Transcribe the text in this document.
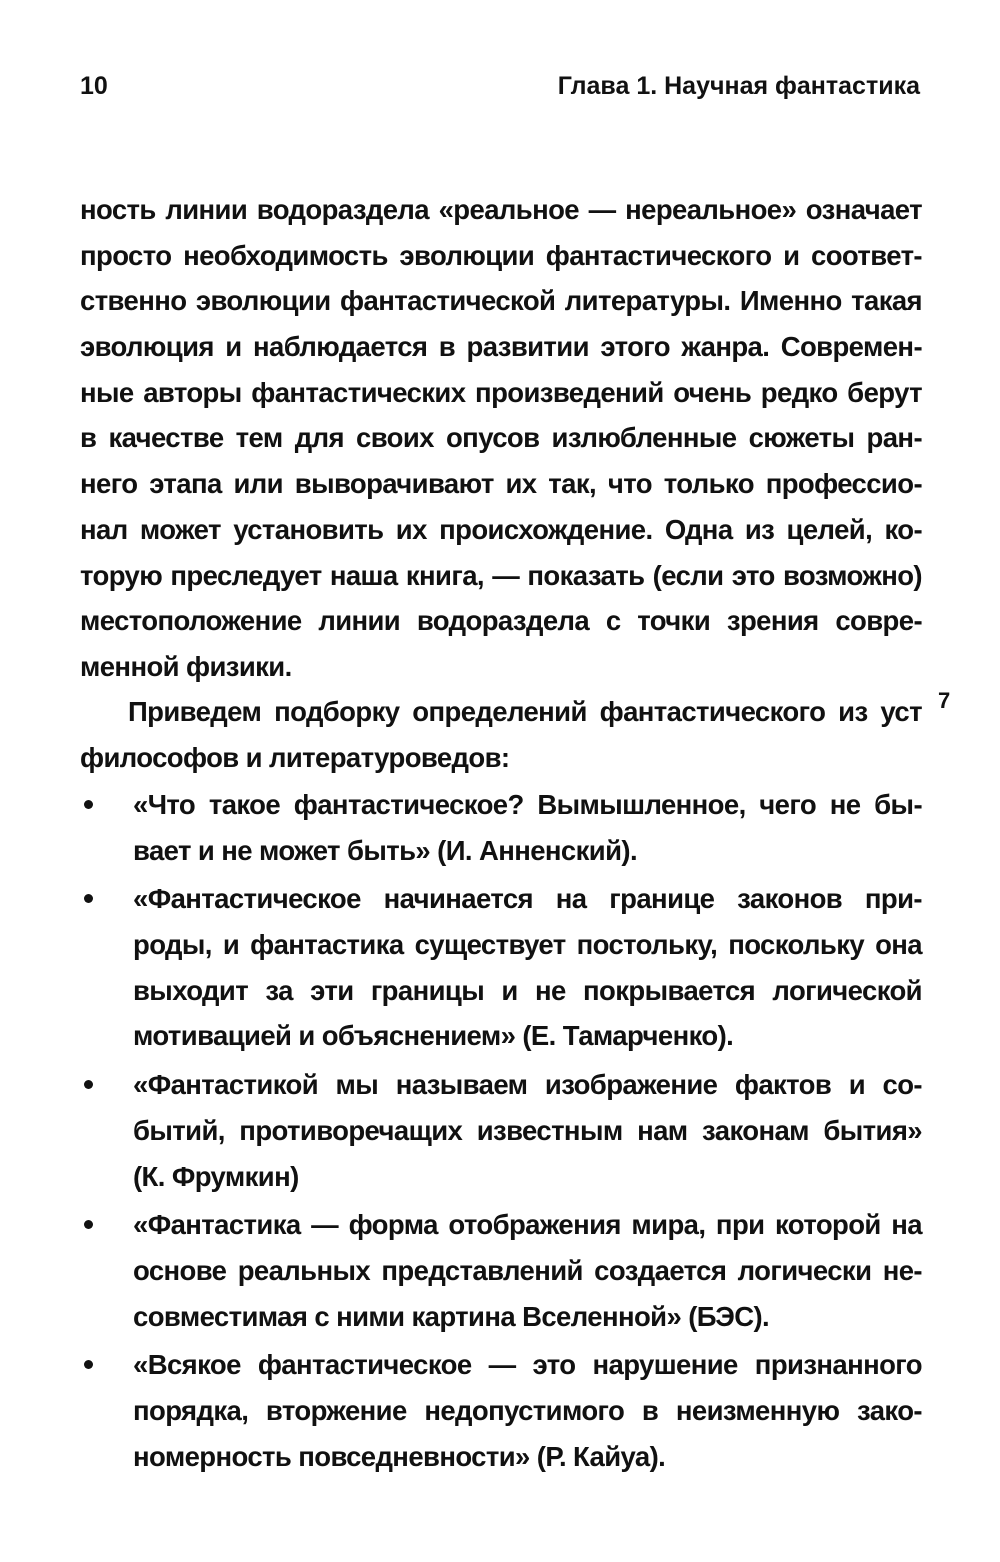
10	Глава 1. Научная фантастика
7
ность линии водораздела «реальное — нереальное» означает
просто необходимость эволюции фантастического и соответ-
ственно эволюции фантастической литературы. Именно такая
эволюция и наблюдается в развитии этого жанра. Современ-
ные авторы фантастических произведений очень редко берут
в качестве тем для своих опусов излюбленные сюжеты ран-
него этапа или выворачивают их так, что только профессио-
нал может установить их происхождение. Одна из целей, ко-
торую преследует наша книга, — показать (если это возможно)
местоположение линии водораздела с точки зрения совре-
менной физики.
Приведем подборку определений фантастического из уст
философов и литературоведов:
«Что такое фантастическое? Вымышленное, чего не бы-
вает и не может быть» (И. Анненский).
«Фантастическое начинается на границе законов при-
роды, и фантастика существует постольку, поскольку она
выходит за эти границы и не покрывается логической
мотивацией и объяснением» (Е. Тамарченко).
«Фантастикой мы называем изображение фактов и со-
бытий, противоречащих известным нам законам бытия»
(К. Фрумкин)
«Фантастика — форма отображения мира, при которой на
основе реальных представлений создается логически не-
совместимая с ними картина Вселенной» (БЭС).
«Всякое фантастическое — это нарушение признанного
порядка, вторжение недопустимого в неизменную зако-
номерность повседневности» (Р. Кайуа).
